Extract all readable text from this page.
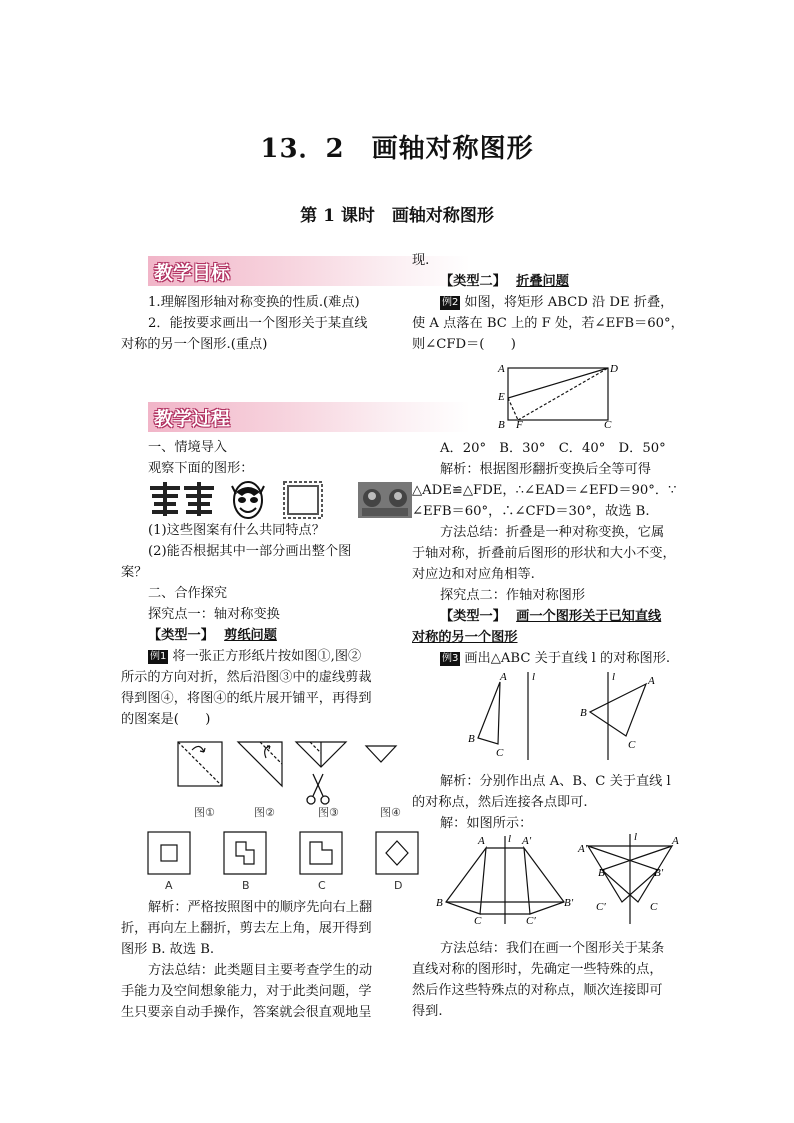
13．2　画轴对称图形
第 1 课时　画轴对称图形
教学目标
1.理解图形轴对称变换的性质.(难点)
2．能按要求画出一个图形关于某直线
对称的另一个图形.(重点)
教学过程
一、情境导入
观察下面的图形：
(1)这些图案有什么共同特点？
(2)能否根据其中一部分画出整个图
案？
二、合作探究
探究点一：轴对称变换
【类型一】 剪纸问题
例1 将一张正方形纸片按如图①,图②
所示的方向对折，然后沿图③中的虚线剪裁
得到图④，将图④的纸片展开铺平，再得到
的图案是(　　)
图①	图②	图③	图④
A	B	C	D
解析：严格按照图中的顺序先向右上翻
折，再向左上翻折，剪去左上角，展开得到
图形 B. 故选 B.
方法总结：此类题目主要考查学生的动
手能力及空间想象能力，对于此类问题，学
生只要亲自动手操作，答案就会很直观地呈
现.
【类型二】 折叠问题
例2 如图，将矩形 ABCD 沿 DE 折叠，
使 A 点落在 BC 上的 F 处，若∠EFB＝60°，
则∠CFD＝(　　)
A	D
E
B F	C
A．20°　B．30°　C．40°　D．50°
解析：根据图形翻折变换后全等可得
△ADE≌△FDE，∴∠EAD＝∠EFD＝90°．∵
∠EFB＝60°，∴∠CFD＝30°，故选 B.
方法总结：折叠是一种对称变换，它属
于轴对称，折叠前后图形的形状和大小不变，
对应边和对应角相等.
探究点二：作轴对称图形
【类型一】 画一个图形关于已知直线
对称的另一个图形
例3 画出△ABC 关于直线 l 的对称图形.
A
B
C
l	A
B
C
l
解析：分别作出点 A、B、C 关于直线 l
的对称点，然后连接各点即可.
解：如图所示：
A	A′
l
B	B′
C	C′
A′
A
l
B	B′
C′	C
方法总结：我们在画一个图形关于某条
直线对称的图形时，先确定一些特殊的点，
然后作这些特殊点的对称点，顺次连接即可
得到.
